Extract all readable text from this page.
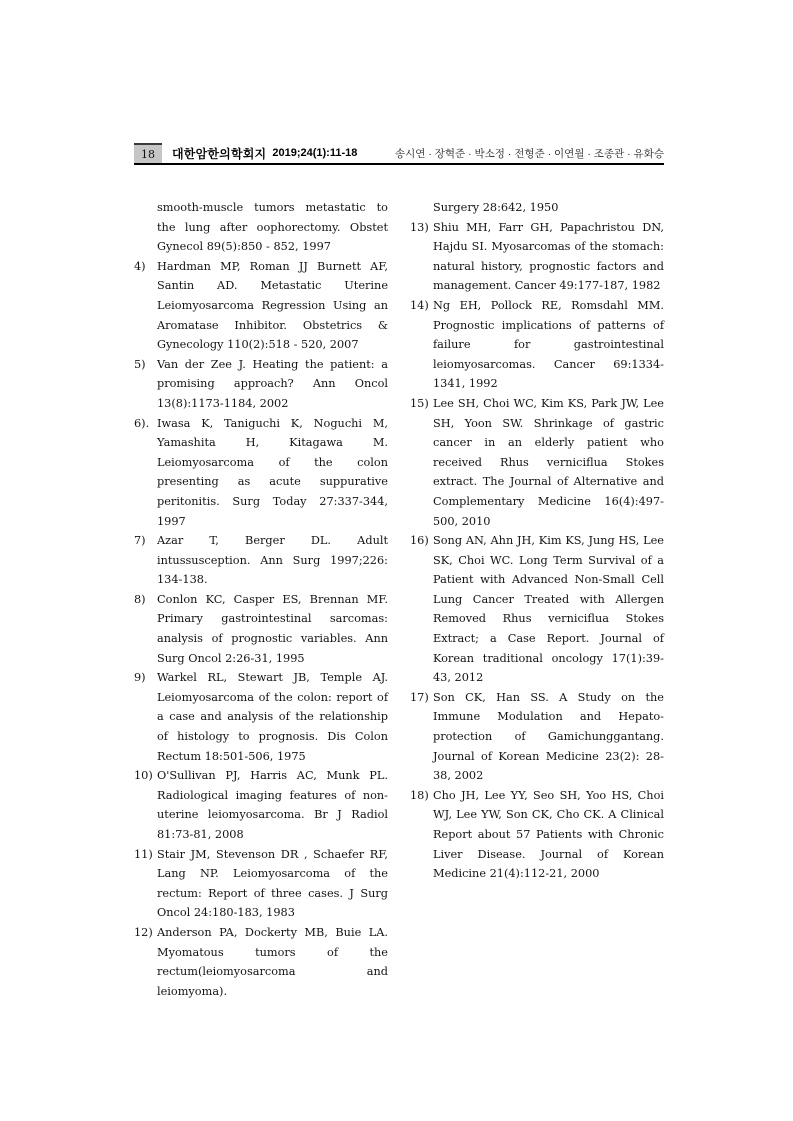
18 대한암한의학회지 2019;24(1):11-18	송시연 · 장혁준 · 박소정 · 전형준 · 이연월 · 조종관 · 유화승
smooth-muscle tumors metastatic to the lung after oophorectomy. Obstet Gynecol 89(5):850 - 852, 1997
4) Hardman MP, Roman JJ Burnett AF, Santin AD. Metastatic Uterine Leiomyosarcoma Regression Using an Aromatase Inhibitor. Obstetrics & Gynecology 110(2):518 - 520, 2007
5) Van der Zee J. Heating the patient: a promising approach? Ann Oncol 13(8):1173-1184, 2002
6). Iwasa K, Taniguchi K, Noguchi M, Yamashita H, Kitagawa M. Leiomyosarcoma of the colon presenting as acute suppurative peritonitis. Surg Today 27:337-344, 1997
7) Azar T, Berger DL. Adult intussusception. Ann Surg 1997;226: 134-138.
8) Conlon KC, Casper ES, Brennan MF. Primary gastrointestinal sarcomas: analysis of prognostic variables. Ann Surg Oncol 2:26-31, 1995
9) Warkel RL, Stewart JB, Temple AJ. Leiomyosarcoma of the colon: report of a case and analysis of the relationship of histology to prognosis. Dis Colon Rectum 18:501-506, 1975
10) O'Sullivan PJ, Harris AC, Munk PL. Radiological imaging features of non-uterine leiomyosarcoma. Br J Radiol 81:73-81, 2008
11) Stair JM, Stevenson DR , Schaefer RF, Lang NP. Leiomyosarcoma of the rectum: Report of three cases. J Surg Oncol 24:180-183, 1983
12) Anderson PA, Dockerty MB, Buie LA. Myomatous tumors of the rectum(leiomyosarcoma and leiomyoma).
Surgery 28:642, 1950
13) Shiu MH, Farr GH, Papachristou DN, Hajdu SI. Myosarcomas of the stomach: natural history, prognostic factors and management. Cancer 49:177-187, 1982
14) Ng EH, Pollock RE, Romsdahl MM. Prognostic implications of patterns of failure for gastrointestinal leiomyosarcomas. Cancer 69:1334-1341, 1992
15) Lee SH, Choi WC, Kim KS, Park JW, Lee SH, Yoon SW. Shrinkage of gastric cancer in an elderly patient who received Rhus verniciflua Stokes extract. The Journal of Alternative and Complementary Medicine 16(4):497-500, 2010
16) Song AN, Ahn JH, Kim KS, Jung HS, Lee SK, Choi WC. Long Term Survival of a Patient with Advanced Non-Small Cell Lung Cancer Treated with Allergen Removed Rhus verniciflua Stokes Extract; a Case Report. Journal of Korean traditional oncology 17(1):39-43, 2012
17) Son CK, Han SS. A Study on the Immune Modulation and Hepato-protection of Gamichunggantang. Journal of Korean Medicine 23(2): 28-38, 2002
18) Cho JH, Lee YY, Seo SH, Yoo HS, Choi WJ, Lee YW, Son CK, Cho CK. A Clinical Report about 57 Patients with Chronic Liver Disease. Journal of Korean Medicine 21(4):112-21, 2000
